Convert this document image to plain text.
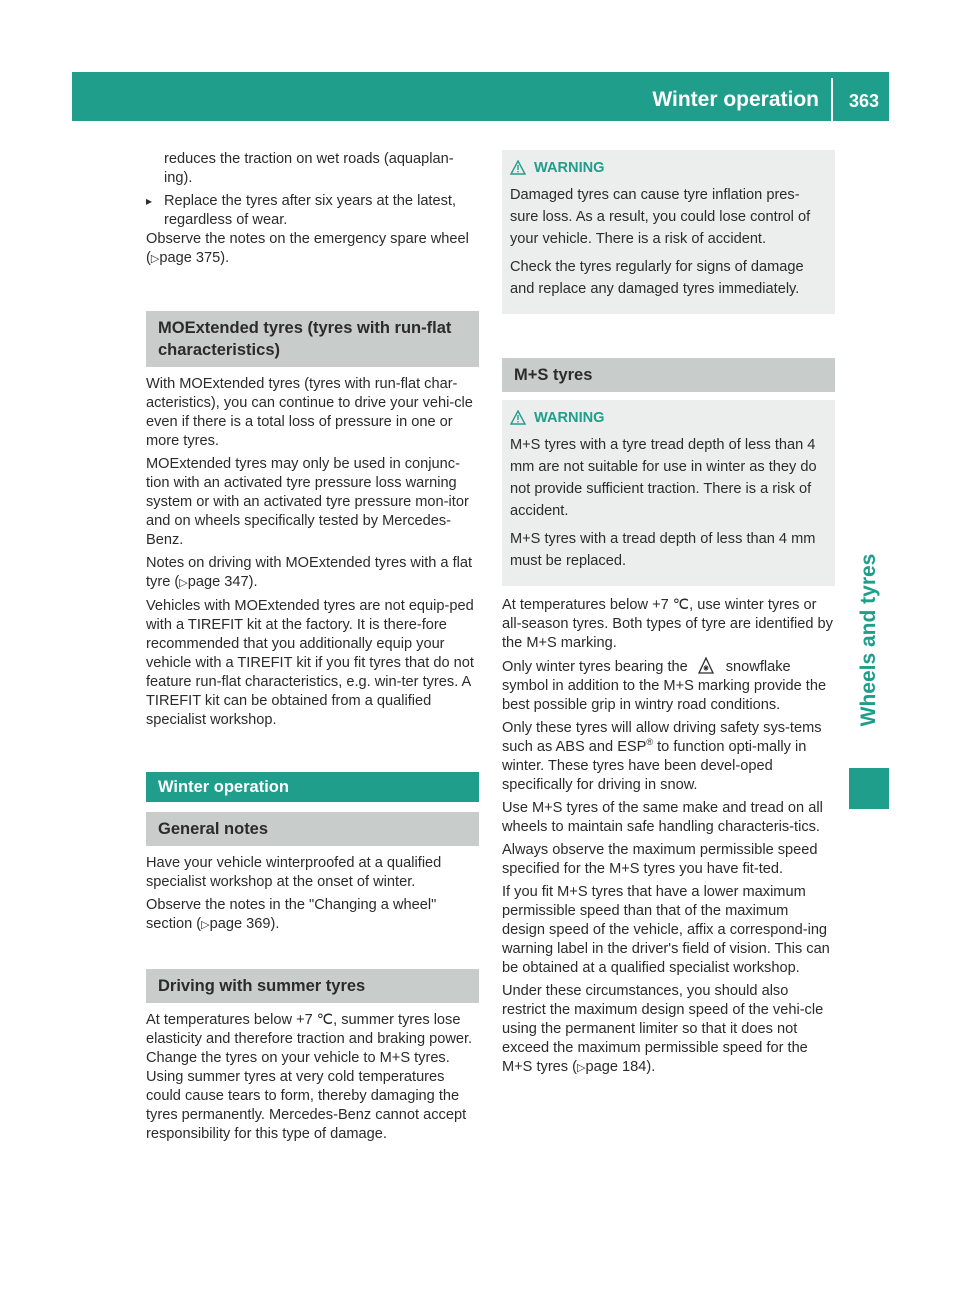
Winter operation 363
Wheels and tyres

reduces the traction on wet roads (aquaplan-ing).

▸ Replace the tyres after six years at the latest, regardless of wear.

Observe the notes on the emergency spare wheel (▷page 375).

MOExtended tyres (tyres with run-flat characteristics)

With MOExtended tyres (tyres with run-flat char-acteristics), you can continue to drive your vehi-cle even if there is a total loss of pressure in one or more tyres.

MOExtended tyres may only be used in conjunc-tion with an activated tyre pressure loss warning system or with an activated tyre pressure mon-itor and on wheels specifically tested by Mercedes-Benz.

Notes on driving with MOExtended tyres with a flat tyre (▷page 347).

Vehicles with MOExtended tyres are not equip-ped with a TIREFIT kit at the factory. It is there-fore recommended that you additionally equip your vehicle with a TIREFIT kit if you fit tyres that do not feature run-flat characteristics, e.g. win-ter tyres. A TIREFIT kit can be obtained from a qualified specialist workshop.

Winter operation
General notes

Have your vehicle winterproofed at a qualified specialist workshop at the onset of winter.

Observe the notes in the "Changing a wheel" section (▷page 369).

Driving with summer tyres

At temperatures below +7 ℃, summer tyres lose elasticity and therefore traction and braking power. Change the tyres on your vehicle to M+S tyres. Using summer tyres at very cold temperatures could cause tears to form, thereby damaging the tyres permanently. Mercedes-Benz cannot accept responsibility for this type of damage.

WARNING

Damaged tyres can cause tyre inflation pres-sure loss. As a result, you could lose control of your vehicle. There is a risk of accident.

Check the tyres regularly for signs of damage and replace any damaged tyres immediately.

M+S tyres
WARNING

M+S tyres with a tyre tread depth of less than 4 mm are not suitable for use in winter as they do not provide sufficient traction. There is a risk of accident.

M+S tyres with a tread depth of less than 4 mm must be replaced.

At temperatures below +7 ℃, use winter tyres or all-season tyres. Both types of tyre are identified by the M+S marking.

Only winter tyres bearing the	snowflake symbol in addition to the M+S marking provide the best possible grip in wintry road conditions.

Only these tyres will allow driving safety sys-tems such as ABS and ESP® to function opti-mally in winter. These tyres have been devel-oped specifically for driving in snow.

Use M+S tyres of the same make and tread on all wheels to maintain safe handling characteris-tics.

Always observe the maximum permissible speed specified for the M+S tyres you have fit-ted.

If you fit M+S tyres that have a lower maximum permissible speed than that of the maximum design speed of the vehicle, affix a correspond-ing warning label in the driver's field of vision. This can be obtained at a qualified specialist workshop.

Under these circumstances, you should also restrict the maximum design speed of the vehi-cle using the permanent limiter so that it does not exceed the maximum permissible speed for the M+S tyres (▷page 184).
